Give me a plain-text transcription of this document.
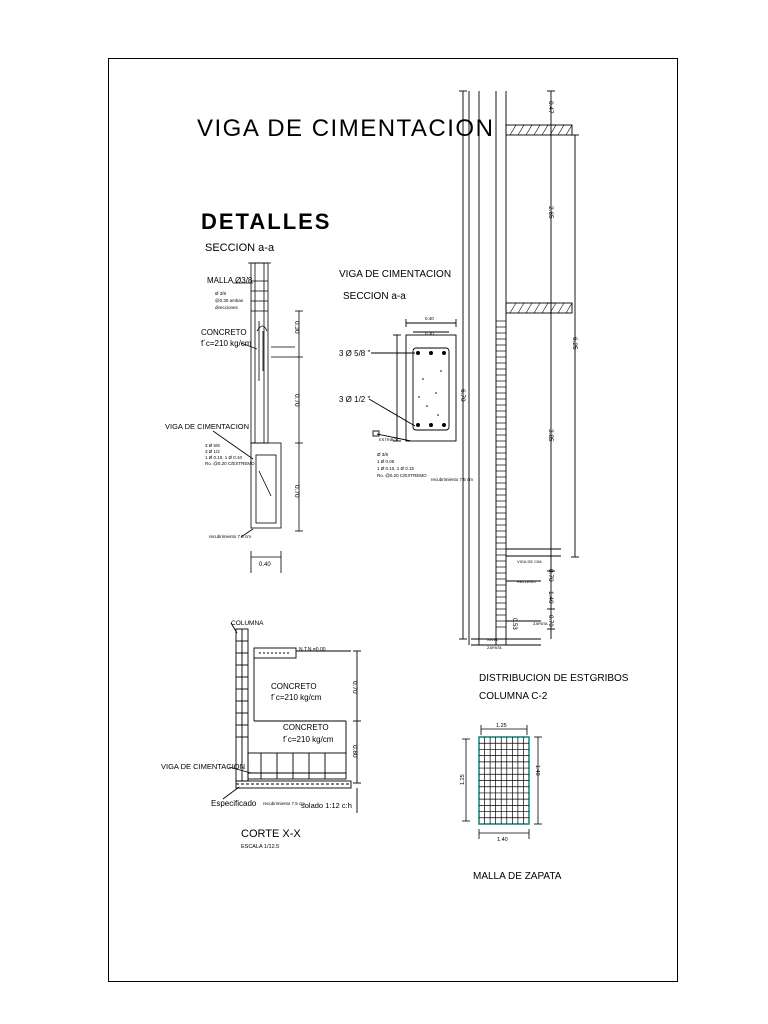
VIGA DE CIMENTACION
DETALLES
SECCION a-a
MALLA Ø3/8
Ø 3/8
@0.30 ambas
direcciones
CONCRETO
f´c=210 kg/cm
VIGA DE CIMENTACION
3 Ø 5/8
3 Ø 1/2
1 Ø 0.10, 1 Ø 0.10
Ro. @0.20 C/EXTREMO
recubrimiento 7.5 cm
0.30
0.70
0.70
0.40
VIGA DE CIMENTACION
SECCION a-a
3 Ø 5/8 "
3 Ø 1/2 "
0.40
0.30
ESTRIBO
Ø 3/8
1 Ø 0.05
1 Ø 0.10, 1 Ø 0.15
Ro. @0.20 C/EXTREMO
recubrimiento 7.5 cm
COLUMNA
N.T.N.=0.00
CONCRETO
f´c=210 kg/cm
CONCRETO
f´c=210 kg/cm
VIGA DE CIMENTACION
Especificado recubrimiento 7.5 cm
solado 1:12 c:h
CORTE X-X
ESCALA 1/12.5
0.70
0.80
0.47
2.65
6.70
6.25
3.85
0.70
1.40
0.53	0.70
VIGA DE CIM.
RELLENO
ZAPATA
NIVEL
ZAPATA
DISTRIBUCION DE ESTGRIBOS
COLUMNA C-2
1.25
1.25
1.40
1.40
MALLA DE ZAPATA
